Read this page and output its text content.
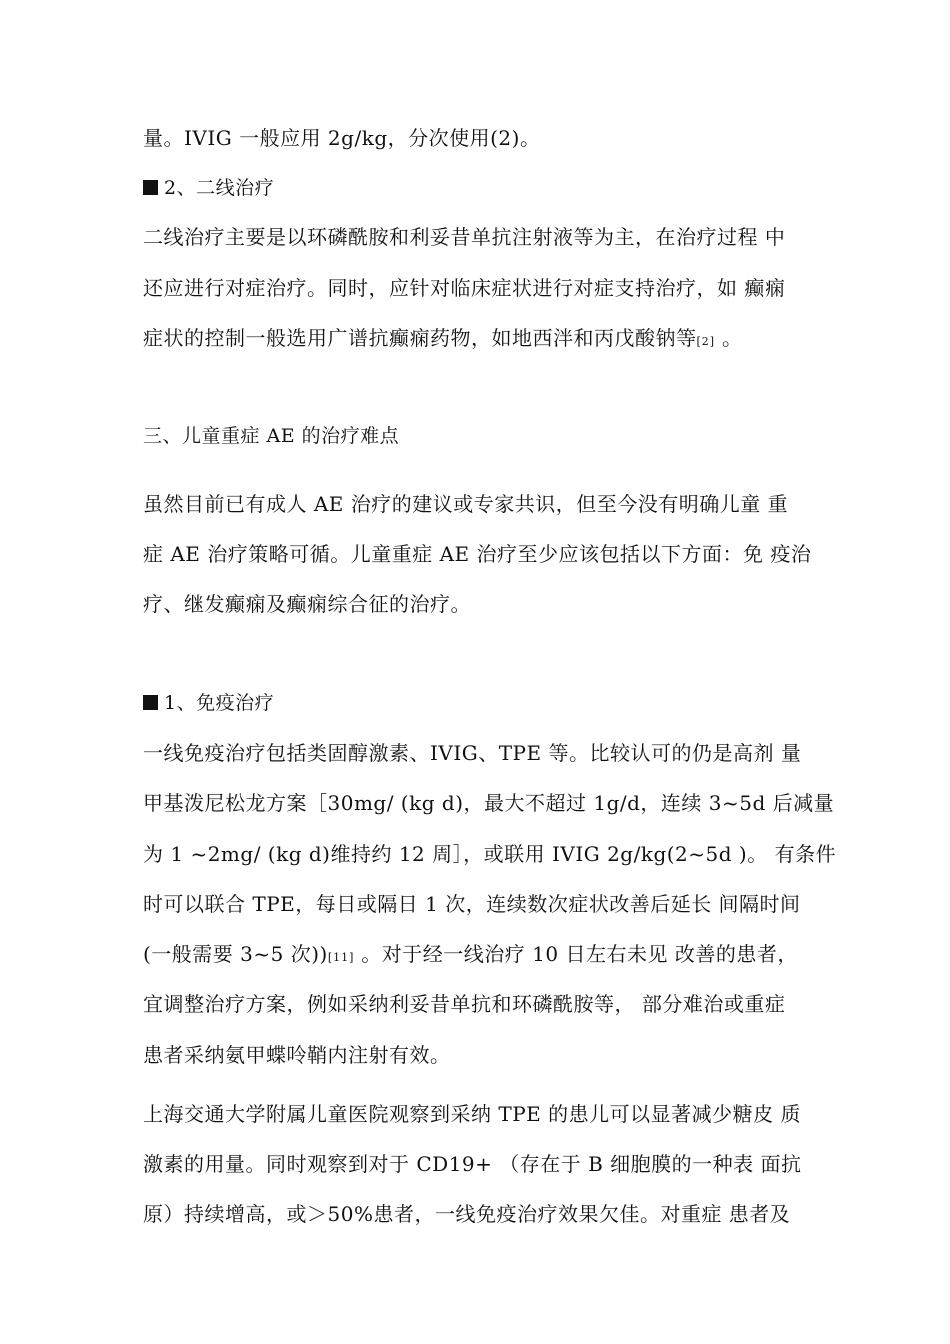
量。IVIG 一般应用 2g/kg，分次使用(2)。
2、二线治疗
二线治疗主要是以环磷酰胺和利妥昔单抗注射液等为主，在治疗过程 中
还应进行对症治疗。同时，应针对临床症状进行对症支持治疗，如 癫痫
症状的控制一般选用广谱抗癫痫药物，如地西泮和丙戊酸钠等[2] 。
三、儿童重症 AE 的治疗难点
虽然目前已有成人 AE 治疗的建议或专家共识，但至今没有明确儿童 重
症 AE 治疗策略可循。儿童重症 AE 治疗至少应该包括以下方面：免 疫治
疗、继发癫痫及癫痫综合征的治疗。
1、免疫治疗
一线免疫治疗包括类固醇激素、IVIG、TPE 等。比较认可的仍是高剂 量
甲基泼尼松龙方案［30mg/ (kg d)，最大不超过 1g/d，连续 3~5d 后减量
为 1 ~2mg/ (kg d)维持约 12 周］，或联用 IVIG 2g/kg(2~5d )。 有条件
时可以联合 TPE，每日或隔日 1 次，连续数次症状改善后延长 间隔时间
(一般需要 3~5 次))[11] 。对于经一线治疗 10 日左右未见 改善的患者，
宜调整治疗方案，例如采纳利妥昔单抗和环磷酰胺等， 部分难治或重症
患者采纳氨甲蝶呤鞘内注射有效。
上海交通大学附属儿童医院观察到采纳 TPE 的患儿可以显著减少糖皮 质
激素的用量。同时观察到对于 CD19+ （存在于 B 细胞膜的一种表 面抗
原）持续增高，或＞50%患者，一线免疫治疗效果欠佳。对重症 患者及
